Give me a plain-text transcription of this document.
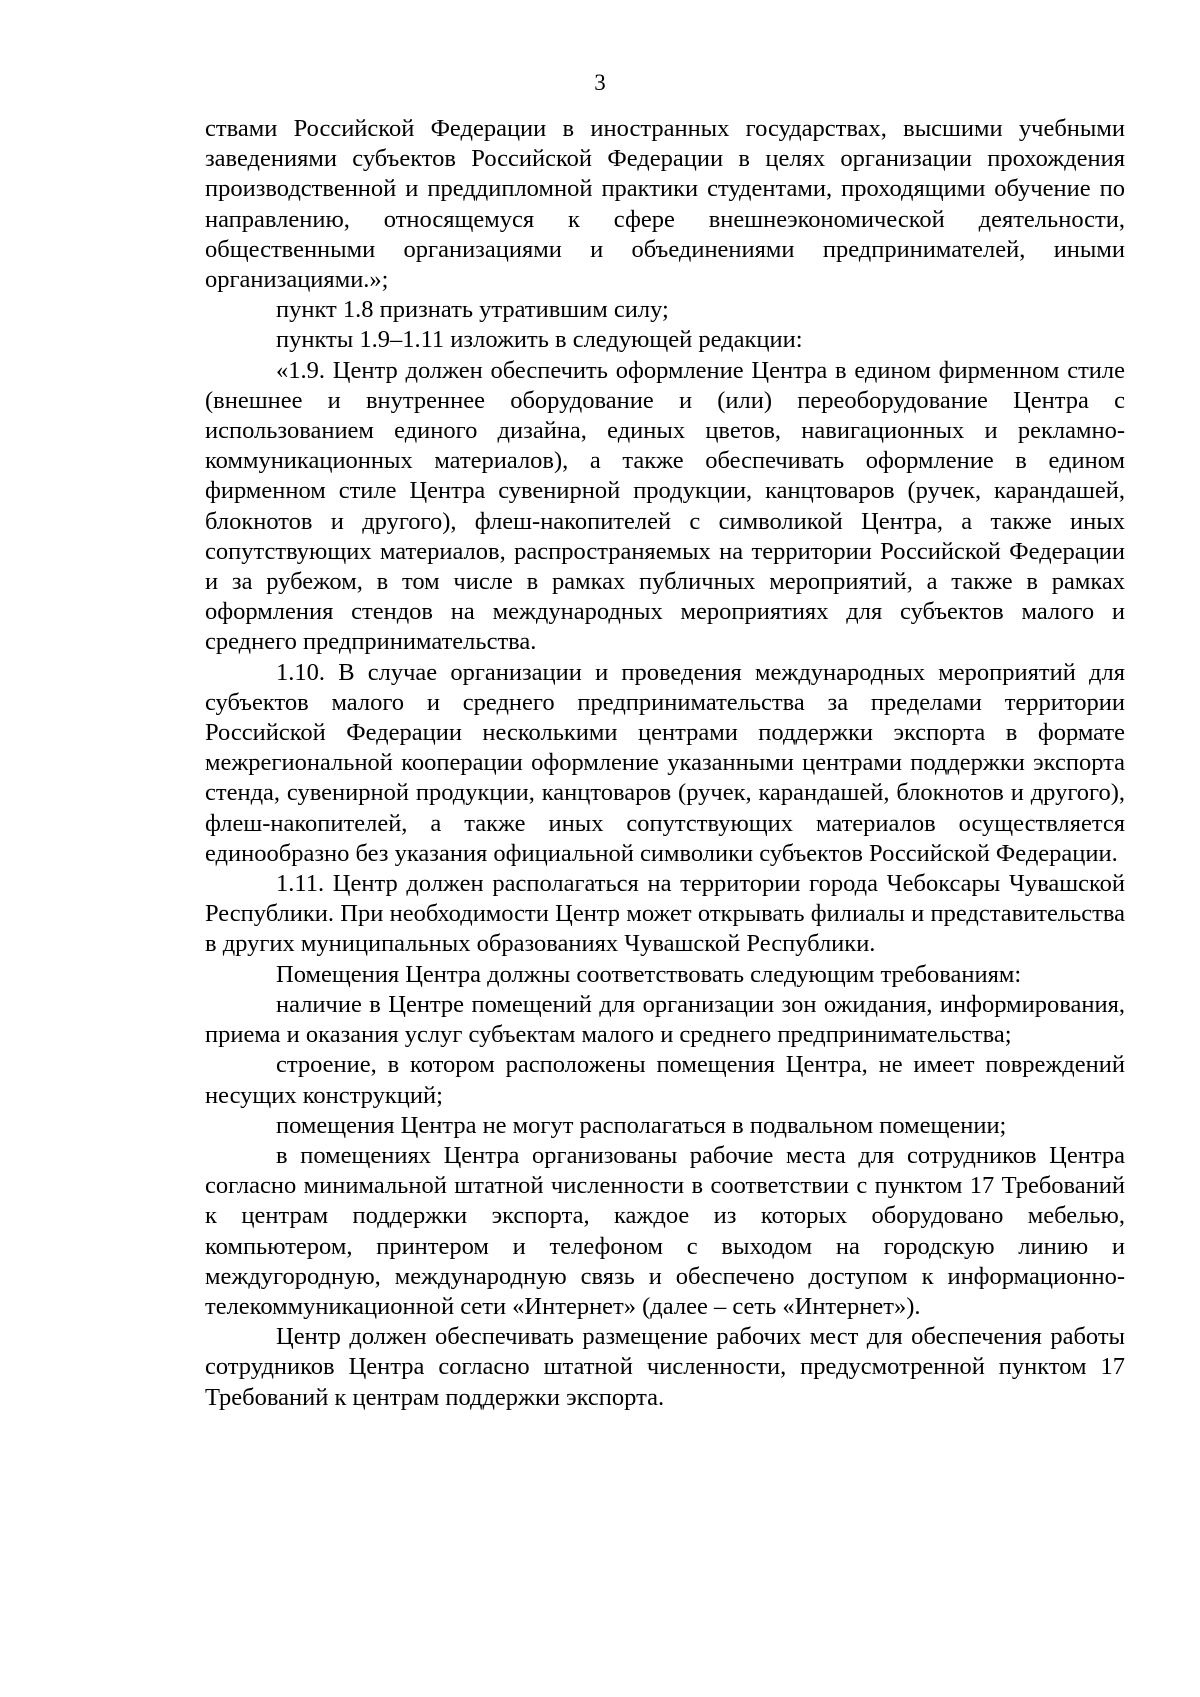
3

ствами Российской Федерации в иностранных государствах, высшими учебными заведениями субъектов Российской Федерации в целях организации прохождения производственной и преддипломной практики студентами, проходящими обучение по направлению, относящемуся к сфере внешнеэкономической деятельности, общественными организациями и объединениями предпринимателей, иными организациями.»;

пункт 1.8 признать утратившим силу;

пункты 1.9–1.11 изложить в следующей редакции:

«1.9. Центр должен обеспечить оформление Центра в едином фирменном стиле (внешнее и внутреннее оборудование и (или) переоборудование Центра с использованием единого дизайна, единых цветов, навигационных и рекламно-коммуникационных материалов), а также обеспечивать оформление в едином фирменном стиле Центра сувенирной продукции, канцтоваров (ручек, карандашей, блокнотов и другого), флеш-накопителей с символикой Центра, а также иных сопутствующих материалов, распространяемых на территории Российской Федерации и за рубежом, в том числе в рамках публичных мероприятий, а также в рамках оформления стендов на международных мероприятиях для субъектов малого и среднего предпринимательства.

1.10. В случае организации и проведения международных мероприятий для субъектов малого и среднего предпринимательства за пределами территории Российской Федерации несколькими центрами поддержки экспорта в формате межрегиональной кооперации оформление указанными центрами поддержки экспорта стенда, сувенирной продукции, канцтоваров (ручек, карандашей, блокнотов и другого), флеш-накопителей, а также иных сопутствующих материалов осуществляется единообразно без указания официальной символики субъектов Российской Федерации.

1.11. Центр должен располагаться на территории города Чебоксары Чувашской Республики. При необходимости Центр может открывать филиалы и представительства в других муниципальных образованиях Чувашской Республики.

Помещения Центра должны соответствовать следующим требованиям:

наличие в Центре помещений для организации зон ожидания, информирования, приема и оказания услуг субъектам малого и среднего предпринимательства;

строение, в котором расположены помещения Центра, не имеет повреждений несущих конструкций;

помещения Центра не могут располагаться в подвальном помещении;

в помещениях Центра организованы рабочие места для сотрудников Центра согласно минимальной штатной численности в соответствии с пунктом 17 Требований к центрам поддержки экспорта, каждое из которых оборудовано мебелью, компьютером, принтером и телефоном с выходом на городскую линию и междугородную, международную связь и обеспечено доступом к информационно-телекоммуникационной сети «Интернет» (далее – сеть «Интернет»).

Центр должен обеспечивать размещение рабочих мест для обеспечения работы сотрудников Центра согласно штатной численности, предусмотренной пунктом 17 Требований к центрам поддержки экспорта.
